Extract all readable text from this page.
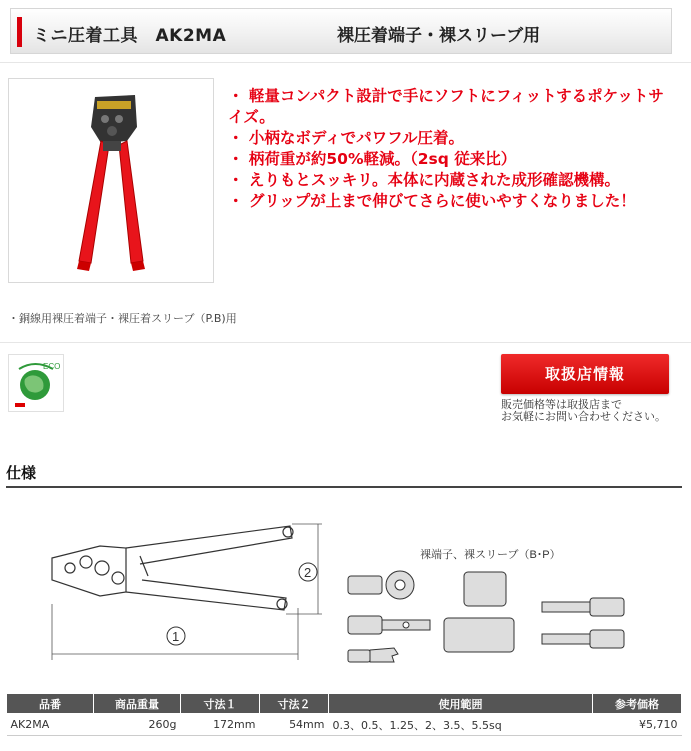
ミニ圧着工具　AK2MA	裸圧着端子・裸スリーブ用
・ 軽量コンパクト設計で手にソフトにフィットするポケットサイズ。
・ 小柄なボディでパワフル圧着。
・ 柄荷重が約50%軽減。（2sq 従来比）
・ えりもとスッキリ。本体に内蔵された成形確認機構。
・ グリップが上まで伸びてさらに使いやすくなりました！
・銅線用裸圧着端子・裸圧着スリーブ（P.B)用
ECO	取扱店情報
販売価格等は取扱店まで
お気軽にお問い合わせください。
仕様
1
2
裸端子、裸スリーブ（B･P）
品番	商品重量	寸法１	寸法２	使用範囲	参考価格
AK2MA	260g	172mm	54mm	0.3、0.5、1.25、2、3.5、5.5sq	¥5,710
